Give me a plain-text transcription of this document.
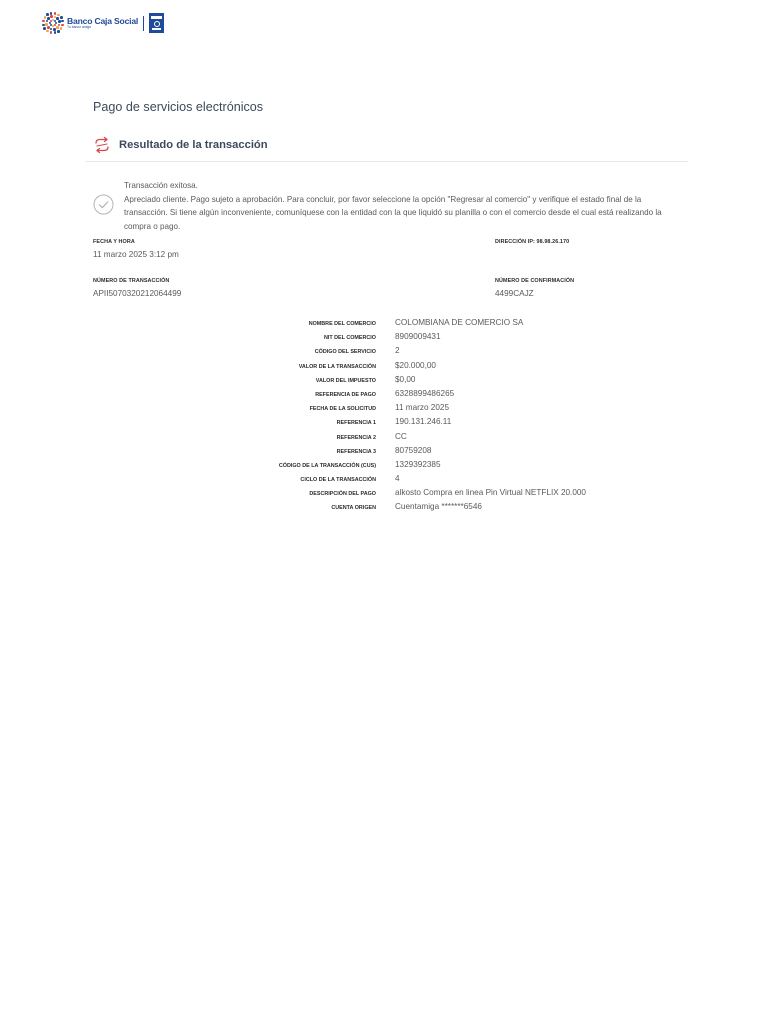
Banco Caja Social
Tu banco amigo
Pago de servicios electrónicos
Resultado de la transacción

Transacción exitosa.

Apreciado cliente. Pago sujeto a aprobación. Para concluir, por favor seleccione la opción "Regresar al comercio" y verifique el estado final de la transacción. Si tiene algún inconveniente, comuníquese con la entidad con la que liquidó su planilla o con el comercio desde el cual está realizando la compra o pago.

FECHA Y HORA
11 marzo 2025 3:12 pm
DIRECCIÓN IP: 98.98.26.170
NÚMERO DE TRANSACCIÓN
APII5070320212064499
NÚMERO DE CONFIRMACIÓN
4499CAJZ
NOMBRE DEL COMERCIO COLOMBIANA DE COMERCIO SA
NIT DEL COMERCIO 8909009431
CÓDIGO DEL SERVICIO 2
VALOR DE LA TRANSACCIÓN $20.000,00
VALOR DEL IMPUESTO $0,00
REFERENCIA DE PAGO 6328899486265
FECHA DE LA SOLICITUD 11 marzo 2025
REFERENCIA 1 190.131.246.11
REFERENCIA 2 CC
REFERENCIA 3 80759208
CÓDIGO DE LA TRANSACCIÓN (CUS) 1329392385
CICLO DE LA TRANSACCIÓN 4
DESCRIPCIÓN DEL PAGO alkosto Compra en linea Pin Virtual NETFLIX 20.000
CUENTA ORIGEN Cuentamiga *******6546
